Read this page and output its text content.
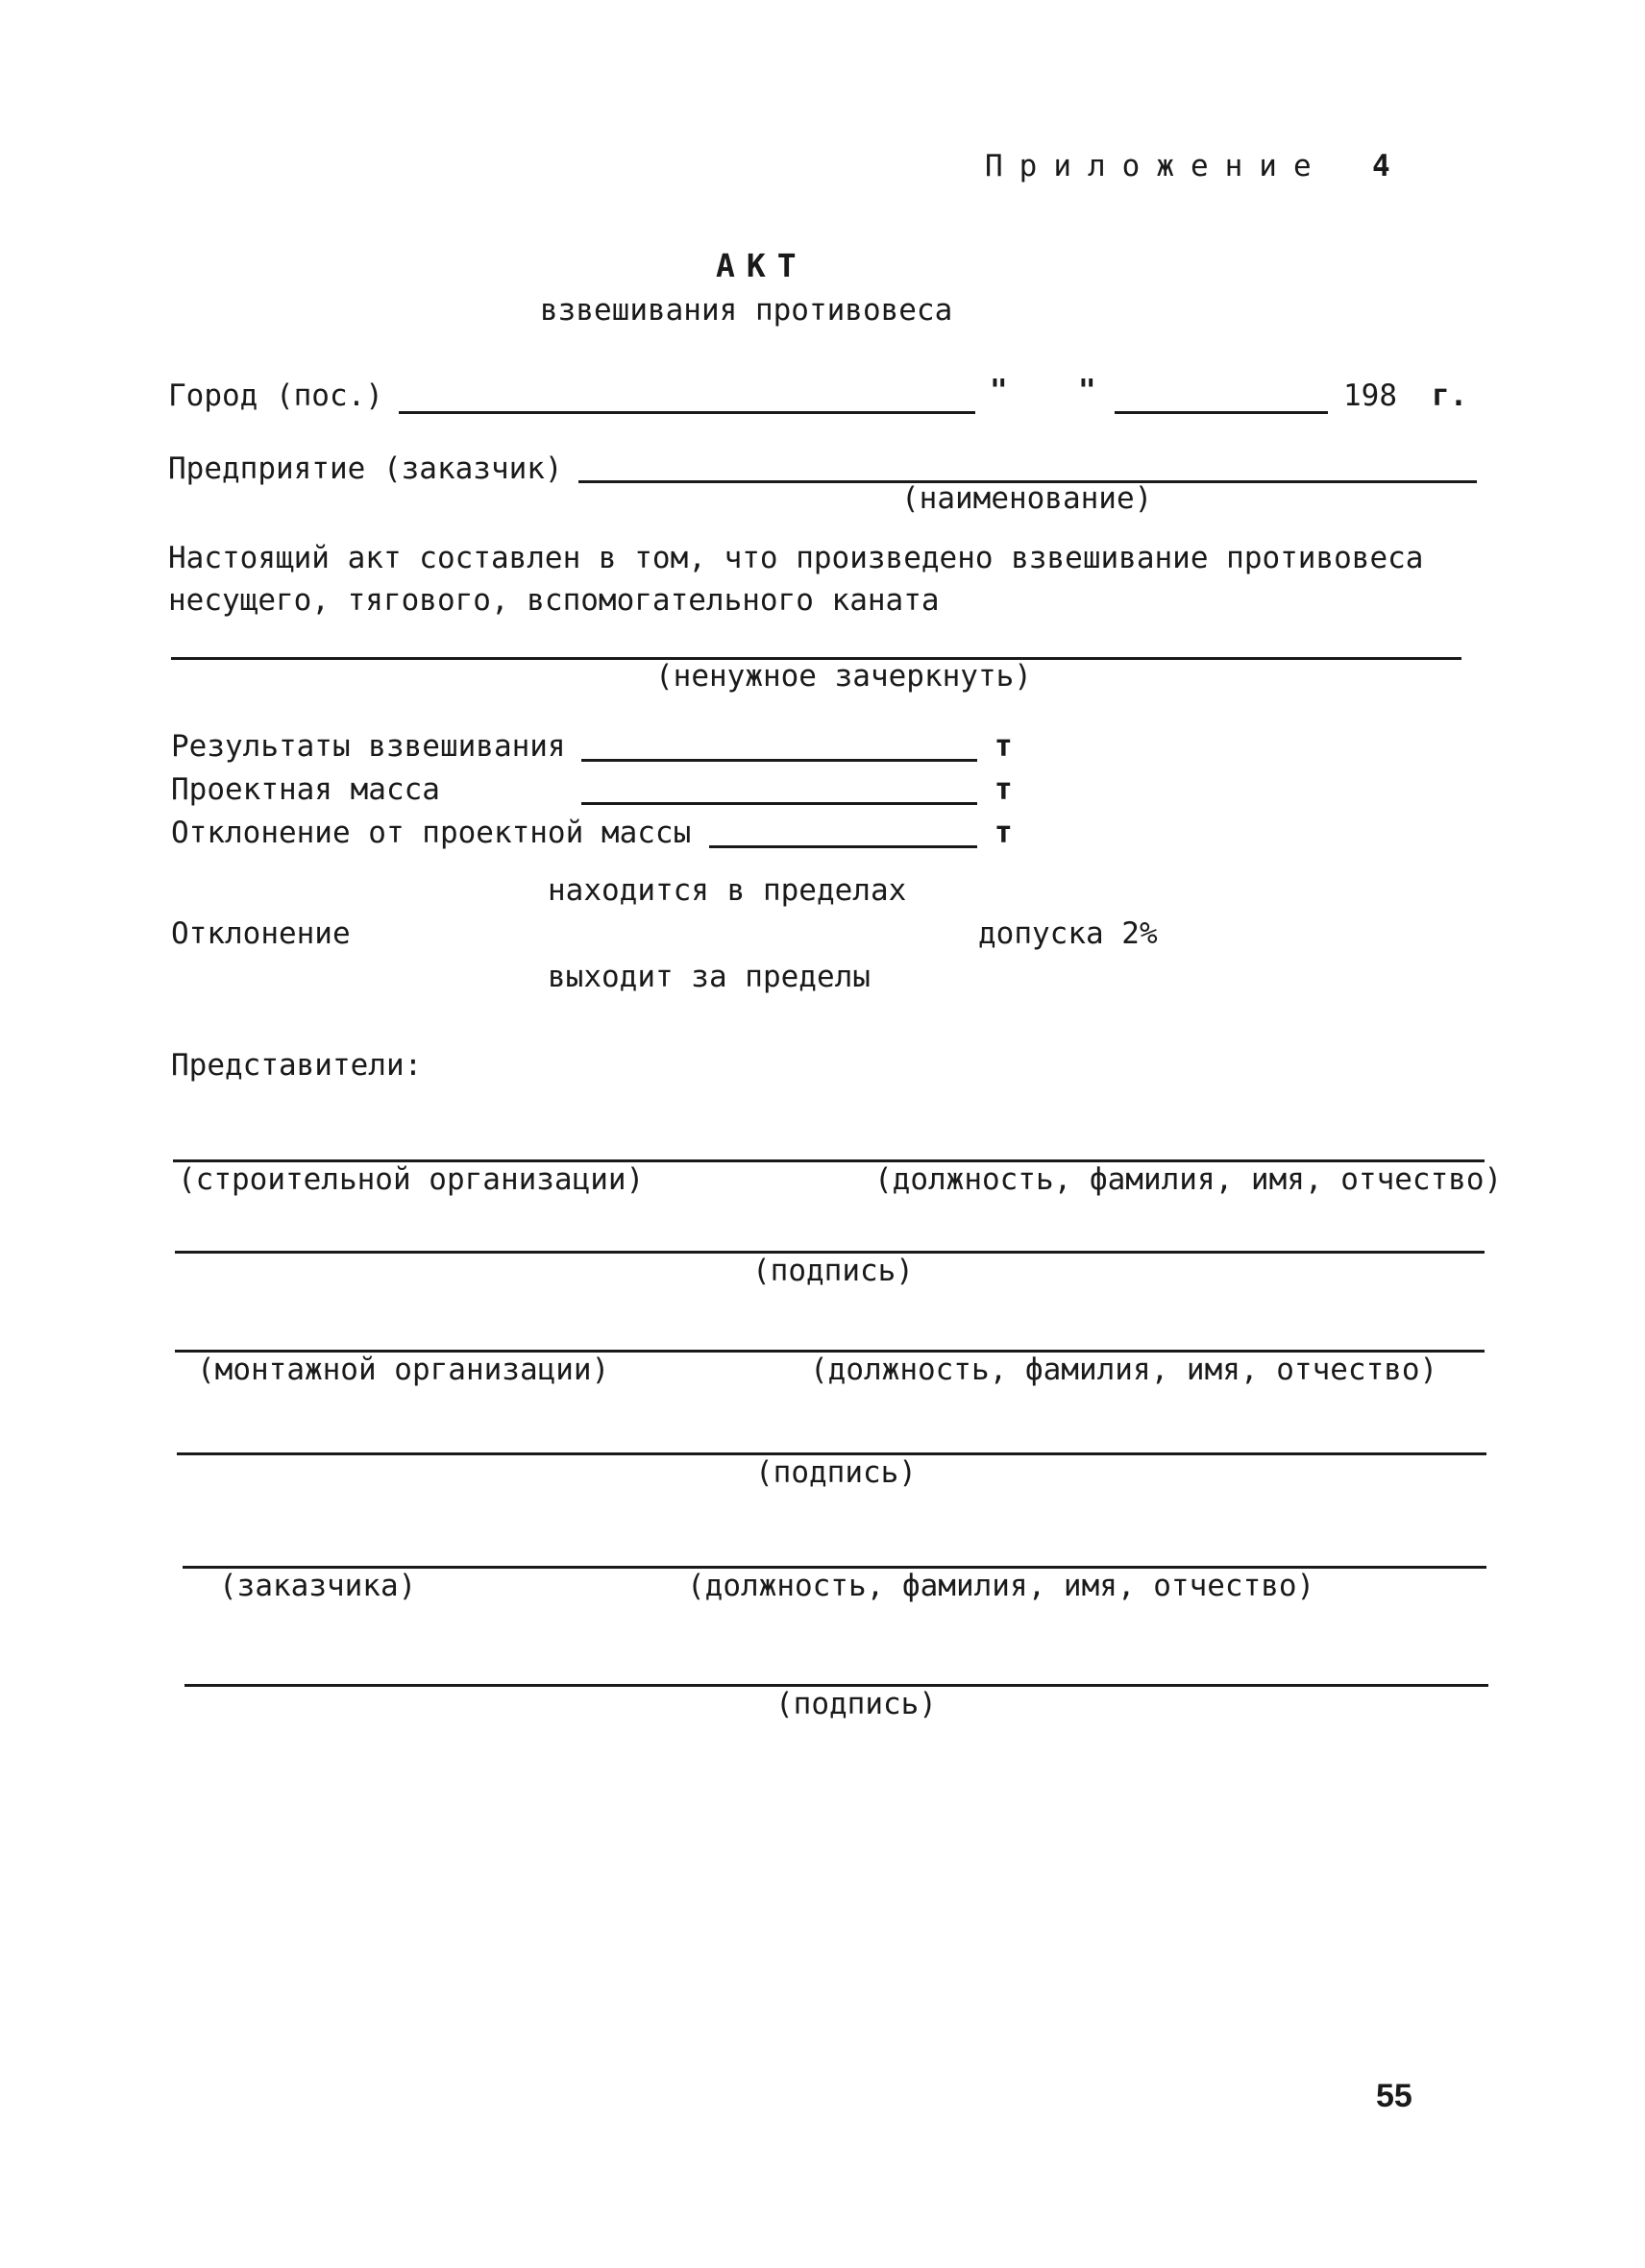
Приложение 4
АКТ
взвешивания противовеса
Город (пос.)	" "	198 г.
Предприятие (заказчик)
(наименование)
Настоящий акт составлен в том, что произведено взвешивание противовеса
несущего, тягового, вспомогательного каната
(ненужное зачеркнуть)
Результаты взвешивания	т
Проектная масса	т
Отклонение от проектной массы	т
находится в пределах
Отклонение	допуска 2%
выходит за пределы
Представители:
(строительной организации)	(должность, фамилия, имя, отчество)
(подпись)
(монтажной организации)	(должность, фамилия, имя, отчество)
(подпись)
(заказчика)	(должность, фамилия, имя, отчество)
(подпись)
55
